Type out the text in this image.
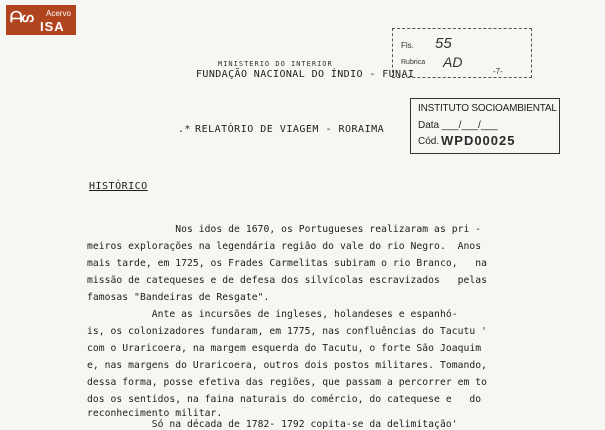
ᗩᔕ Acervo
ISA
MINISTERIO DO INTERIOR
FUNDAÇÃO NACIONAL DO ÍNDIO - FUNAI
Fls. 55
Rubrica AD
-7-
INSTITUTO SOCIOAMBIENTAL
Data ___/___/___
Cód. WPD00025
.* RELATÓRIO DE VIAGEM - RORAIMA
HISTÓRICO
Nos idos de 1670, os Portugueses realizaram as pri -
meiros explorações na legendária região do vale do rio Negro.  Anos
mais tarde, em 1725, os Frades Carmelitas subiram o rio Branco,   na
missão de catequeses e de defesa dos silvícolas escravizados   pelas
famosas "Bandeiras de Resgate".
Ante as incursões de ingleses, holandeses e espanhó-
is, os colonizadores fundaram, em 1775, nas confluências do Tacutu '
com o Uraricoera, na margem esquerda do Tacutu, o forte São Joaquim
e, nas margens do Uraricoera, outros dois postos militares. Tomando,
dessa forma, posse efetiva das regiões, que passam a percorrer em to
dos os sentidos, na faina naturais do comércio, do catequese e   do
reconhecimento militar.
Só na década de 1782- 1792 copita-se da delimitação'
